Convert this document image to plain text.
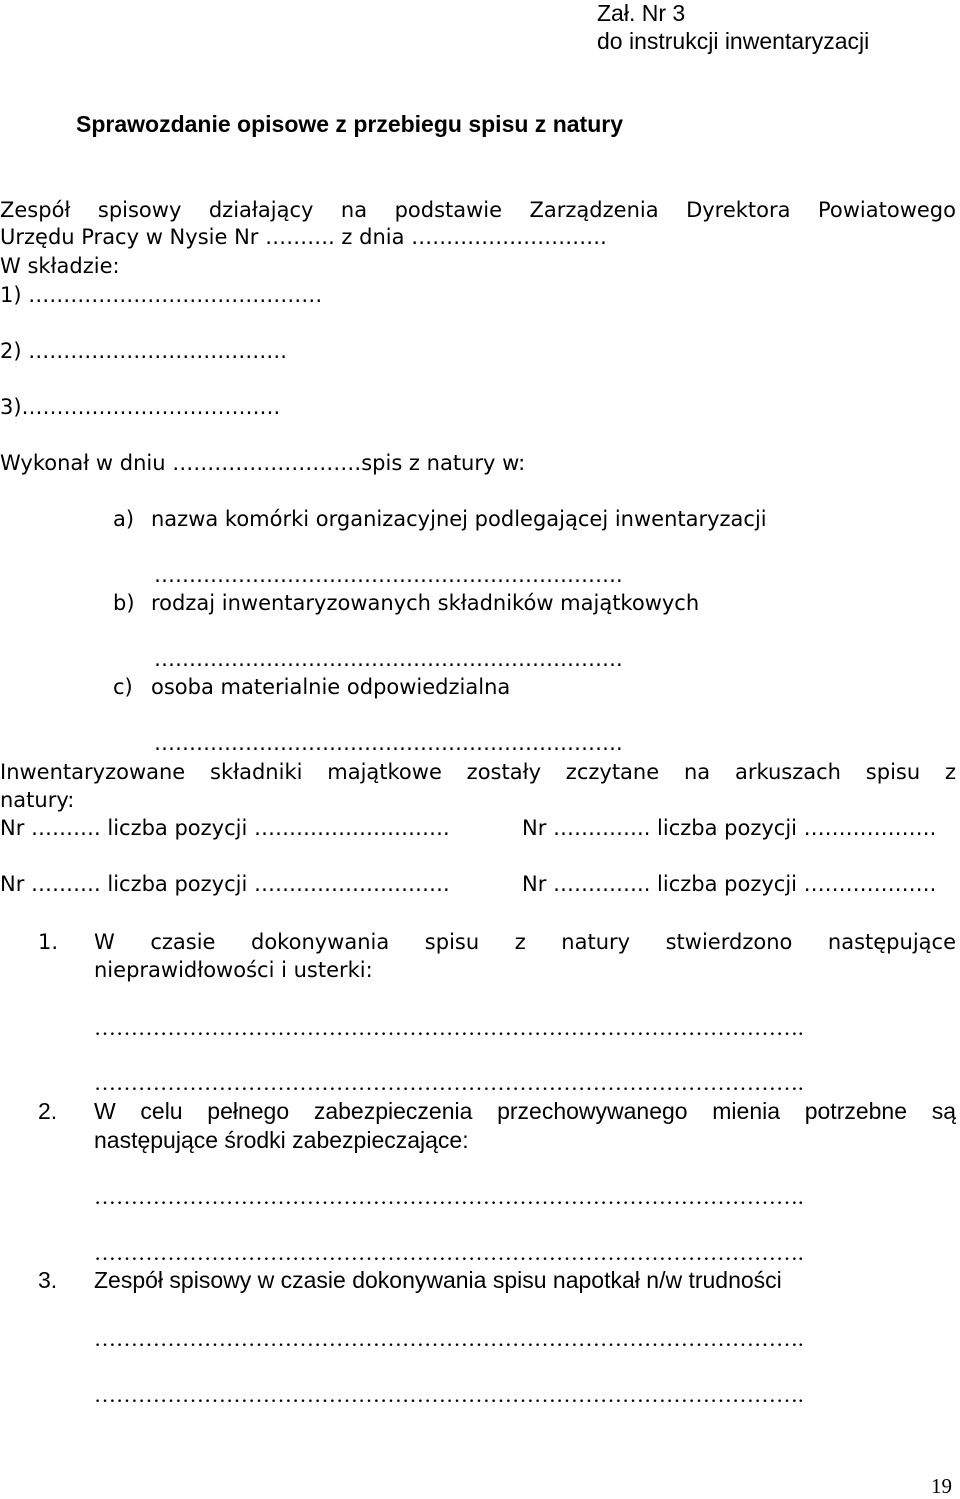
Zał. Nr 3
do instrukcji inwentaryzacji
Sprawozdanie opisowe z przebiegu spisu z natury
Zespół spisowy działający na podstawie Zarządzenia Dyrektora Powiatowego
Urzędu Pracy w Nysie Nr ………. z dnia ……………………….
W składzie:
1) ……………………………………
2) ……………………………….
3)……………………………….
Wykonał w dniu ………………………spis z natury w:
a) nazwa komórki organizacyjnej podlegającej inwentaryzacji
………………………………………………………….
b) rodzaj inwentaryzowanych składników majątkowych
………………………………………………………….
c) osoba materialnie odpowiedzialna
………………………………………………………….
Inwentaryzowane składniki majątkowe zostały zczytane na arkuszach spisu z
natury:
Nr ………. liczba pozycji ……………………….	Nr ………….. liczba pozycji ……………….
Nr ………. liczba pozycji ……………………….	Nr ………….. liczba pozycji ……………….
1. W czasie dokonywania spisu z natury stwierdzono następujące
nieprawidłowości i usterki:
…………………………………………………………………………………….
…………………………………………………………………………………….
2. W celu pełnego zabezpieczenia przechowywanego mienia potrzebne są
następujące środki zabezpieczające:
…………………………………………………………………………………….
…………………………………………………………………………………….
3. Zespół spisowy w czasie dokonywania spisu napotkał n/w trudności
…………………………………………………………………………………….
…………………………………………………………………………………….
19
